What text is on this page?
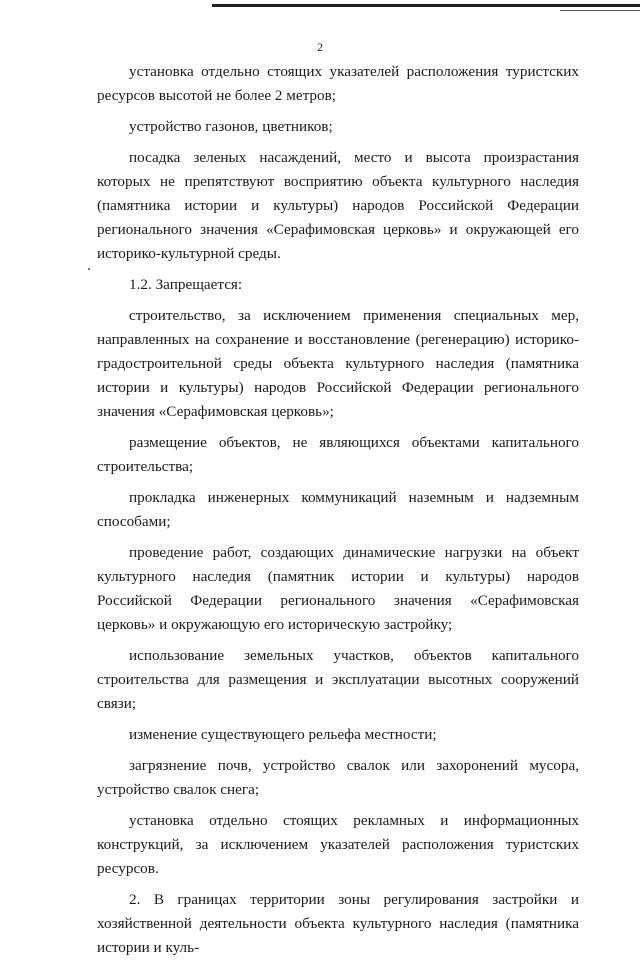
2

установка отдельно стоящих указателей расположения туристских ресурсов высотой не более 2 метров;

устройство газонов, цветников;

посадка зеленых насаждений, место и высота произрастания которых не препятствуют восприятию объекта культурного наследия (памятника истории и культуры) народов Российской Федерации регионального значения «Серафимовская церковь» и окружающей его историко-культурной среды.

1.2. Запрещается:

строительство, за исключением применения специальных мер, направленных на сохранение и восстановление (регенерацию) историко-градостроительной среды объекта культурного наследия (памятника истории и культуры) народов Российской Федерации регионального значения «Серафимовская церковь»;

размещение объектов, не являющихся объектами капитального строительства;

прокладка инженерных коммуникаций наземным и надземным способами;

проведение работ, создающих динамические нагрузки на объект культурного наследия (памятник истории и культуры) народов Российской Федерации регионального значения «Серафимовская церковь» и окружающую его историческую застройку;

использование земельных участков, объектов капитального строительства для размещения и эксплуатации высотных сооружений связи;

изменение существующего рельефа местности;

загрязнение почв, устройство свалок или захоронений мусора, устройство свалок снега;

установка отдельно стоящих рекламных и информационных конструкций, за исключением указателей расположения туристских ресурсов.

2. В границах территории зоны регулирования застройки и хозяйственной деятельности объекта культурного наследия (памятника истории и куль-
